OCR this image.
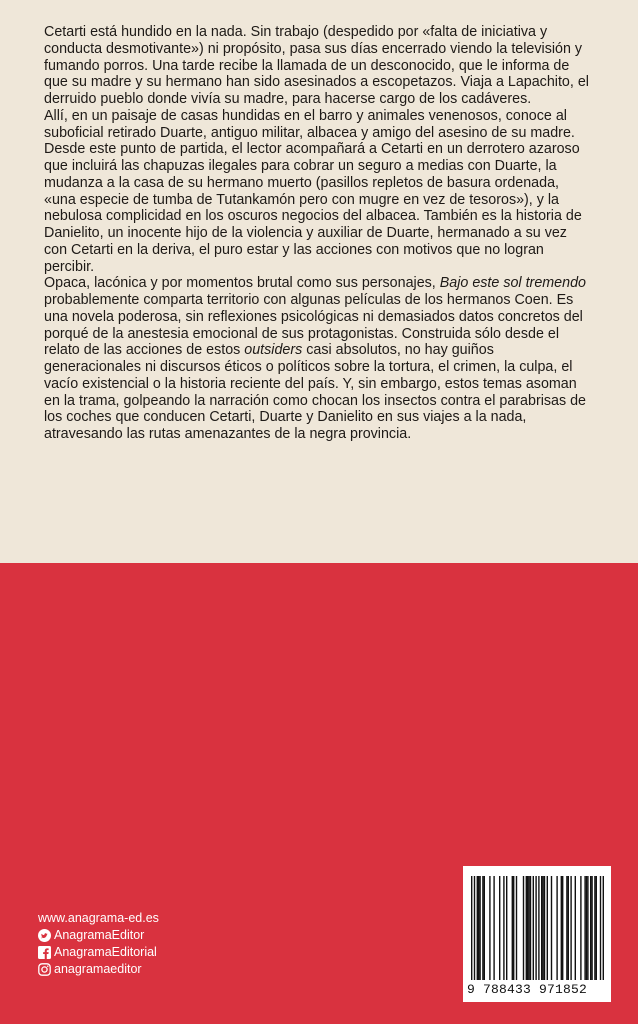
Cetarti está hundido en la nada. Sin trabajo (despedido por «falta de iniciativa y conducta desmotivante») ni propósito, pasa sus días encerrado viendo la televisión y fumando porros. Una tarde recibe la llamada de un desconocido, que le informa de que su madre y su hermano han sido asesinados a escopetazos. Viaja a Lapachito, el derruido pueblo donde vivía su madre, para hacerse cargo de los cadáveres.

Allí, en un paisaje de casas hundidas en el barro y animales venenosos, conoce al suboficial retirado Duarte, antiguo militar, albacea y amigo del asesino de su madre. Desde este punto de partida, el lector acompañará a Cetarti en un derrotero azaroso que incluirá las chapuzas ilegales para cobrar un seguro a medias con Duarte, la mudanza a la casa de su hermano muerto (pasillos repletos de basura ordenada, «una especie de tumba de Tutankamón pero con mugre en vez de tesoros»), y la nebulosa complicidad en los oscuros negocios del albacea. También es la historia de Danielito, un inocente hijo de la violencia y auxiliar de Duarte, hermanado a su vez con Cetarti en la deriva, el puro estar y las acciones con motivos que no logran percibir.

Opaca, lacónica y por momentos brutal como sus personajes, Bajo este sol tremendo probablemente comparta territorio con algunas películas de los hermanos Coen. Es una novela poderosa, sin reflexiones psicológicas ni demasiados datos concretos del porqué de la anestesia emocional de sus protagonistas. Construida sólo desde el relato de las acciones de estos outsiders casi absolutos, no hay guiños generacionales ni discursos éticos o políticos sobre la tortura, el crimen, la culpa, el vacío existencial o la historia reciente del país. Y, sin embargo, estos temas asoman en la trama, golpeando la narración como chocan los insectos contra el parabrisas de los coches que conducen Cetarti, Duarte y Danielito en sus viajes a la nada, atravesando las rutas amenazantes de la negra provincia.

www.anagrama-ed.es
AnagramaEditor
AnagramaEditorial
anagramaeditor
9 788433 971852
